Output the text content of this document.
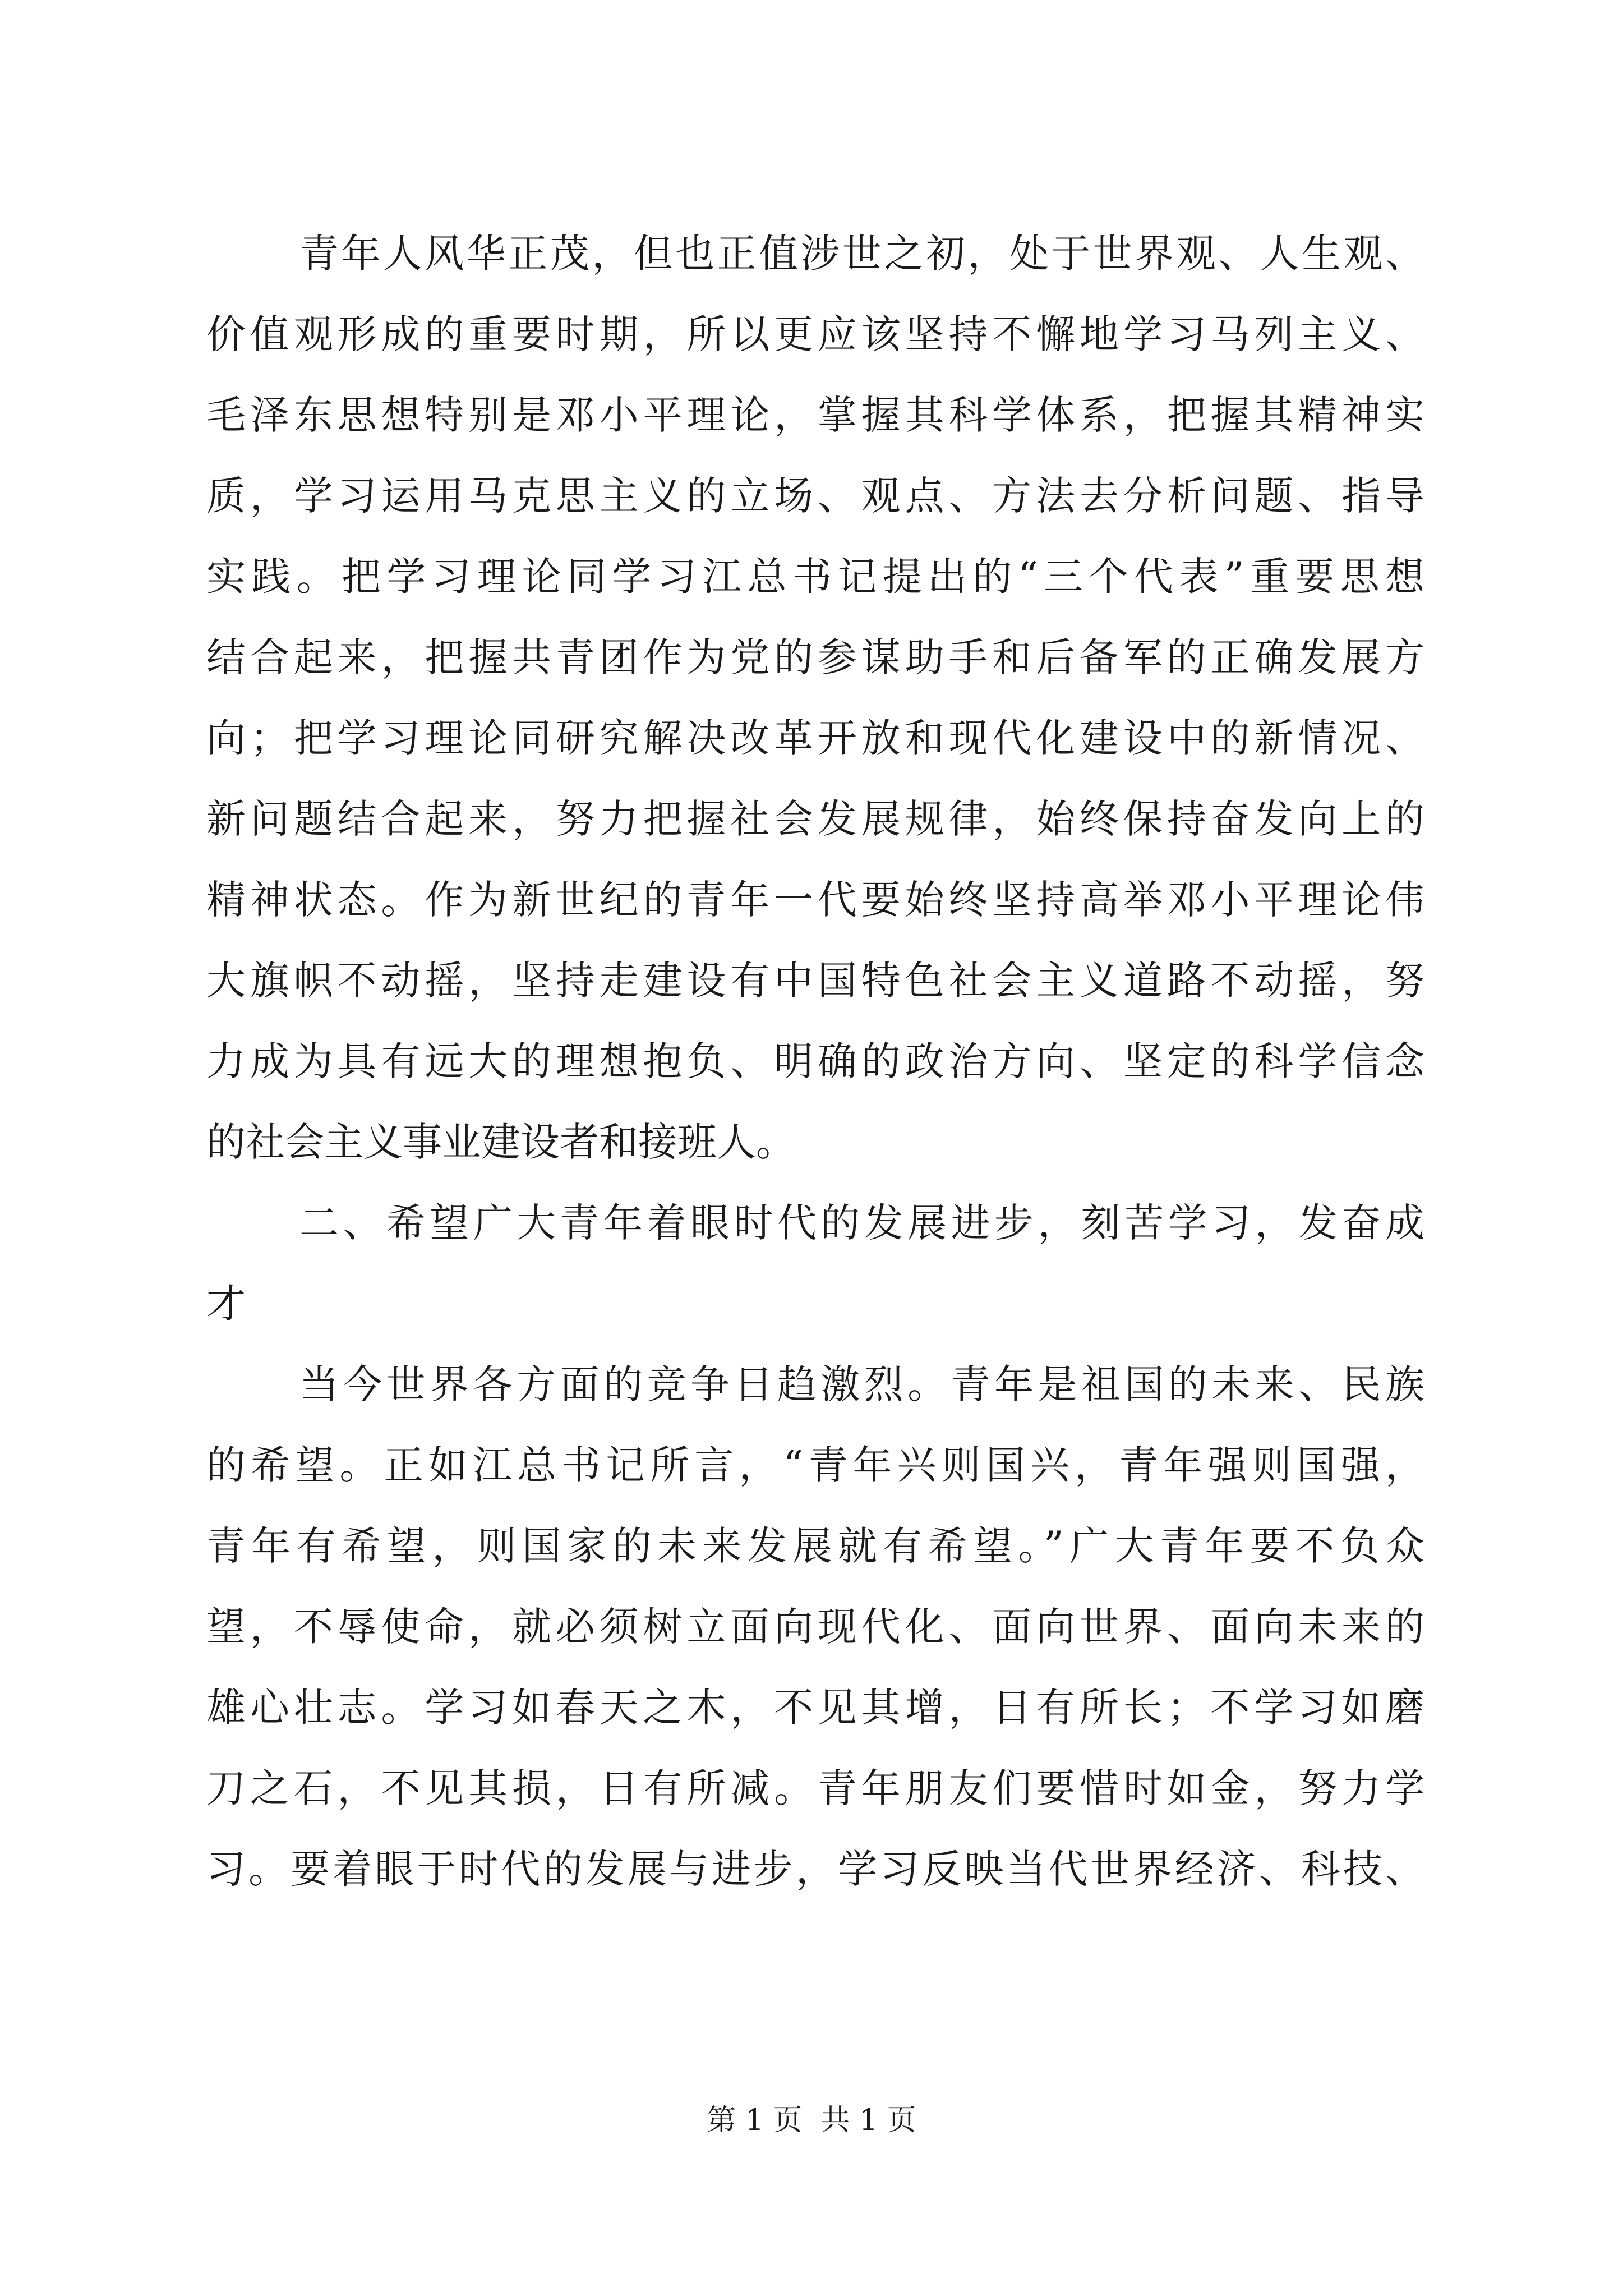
青年人风华正茂，但也正值涉世之初，处于世界观、人生观、
价值观形成的重要时期，所以更应该坚持不懈地学习马列主义、
毛泽东思想特别是邓小平理论，掌握其科学体系，把握其精神实
质，学习运用马克思主义的立场、观点、方法去分析问题、指导
实践。把学习理论同学习江总书记提出的“三个代表”重要思想
结合起来，把握共青团作为党的参谋助手和后备军的正确发展方
向；把学习理论同研究解决改革开放和现代化建设中的新情况、
新问题结合起来，努力把握社会发展规律，始终保持奋发向上的
精神状态。作为新世纪的青年一代要始终坚持高举邓小平理论伟
大旗帜不动摇，坚持走建设有中国特色社会主义道路不动摇，努
力成为具有远大的理想抱负、明确的政治方向、坚定的科学信念
的社会主义事业建设者和接班人。
二、希望广大青年着眼时代的发展进步，刻苦学习，发奋成
才
当今世界各方面的竞争日趋激烈。青年是祖国的未来、民族
的希望。正如江总书记所言，“青年兴则国兴，青年强则国强，
青年有希望，则国家的未来发展就有希望。”广大青年要不负众
望，不辱使命，就必须树立面向现代化、面向世界、面向未来的
雄心壮志。学习如春天之木，不见其增，日有所长；不学习如磨
刀之石，不见其损，日有所减。青年朋友们要惜时如金，努力学
习。要着眼于时代的发展与进步，学习反映当代世界经济、科技、
第 1 页  共 1 页
